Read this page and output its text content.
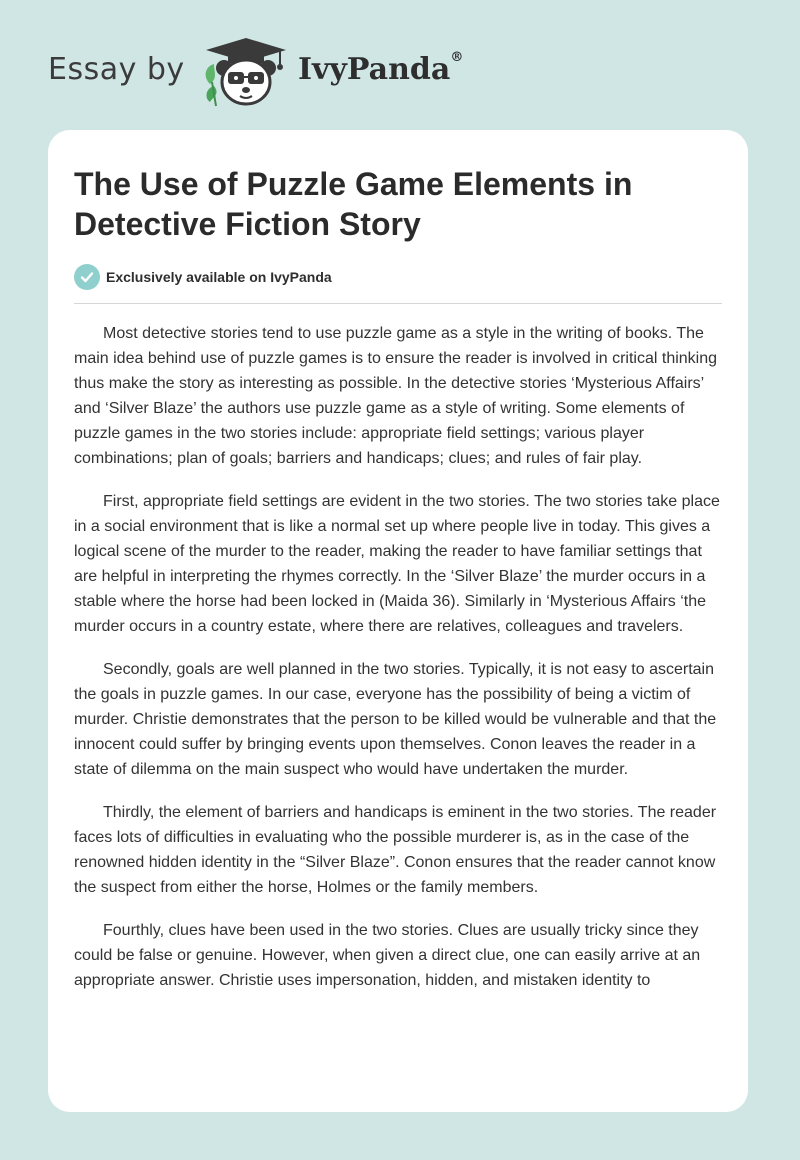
Essay by	IvyPanda®
The Use of Puzzle Game Elements in Detective Fiction Story
Exclusively available on IvyPanda

Most detective stories tend to use puzzle game as a style in the writing of books. The main idea behind use of puzzle games is to ensure the reader is involved in critical thinking thus make the story as interesting as possible. In the detective stories ‘Mysterious Affairs’ and ‘Silver Blaze’ the authors use puzzle game as a style of writing. Some elements of puzzle games in the two stories include: appropriate field settings; various player combinations; plan of goals; barriers and handicaps; clues; and rules of fair play.

First, appropriate field settings are evident in the two stories. The two stories take place in a social environment that is like a normal set up where people live in today. This gives a logical scene of the murder to the reader, making the reader to have familiar settings that are helpful in interpreting the rhymes correctly. In the ‘Silver Blaze’ the murder occurs in a stable where the horse had been locked in (Maida 36). Similarly in ‘Mysterious Affairs ‘the murder occurs in a country estate, where there are relatives, colleagues and travelers.

Secondly, goals are well planned in the two stories. Typically, it is not easy to ascertain the goals in puzzle games. In our case, everyone has the possibility of being a victim of murder. Christie demonstrates that the person to be killed would be vulnerable and that the innocent could suffer by bringing events upon themselves. Conon leaves the reader in a state of dilemma on the main suspect who would have undertaken the murder.

Thirdly, the element of barriers and handicaps is eminent in the two stories. The reader faces lots of difficulties in evaluating who the possible murderer is, as in the case of the renowned hidden identity in the “Silver Blaze”. Conon ensures that the reader cannot know the suspect from either the horse, Holmes or the family members.

Fourthly, clues have been used in the two stories. Clues are usually tricky since they could be false or genuine. However, when given a direct clue, one can easily arrive at an appropriate answer. Christie uses impersonation, hidden, and mistaken identity to
